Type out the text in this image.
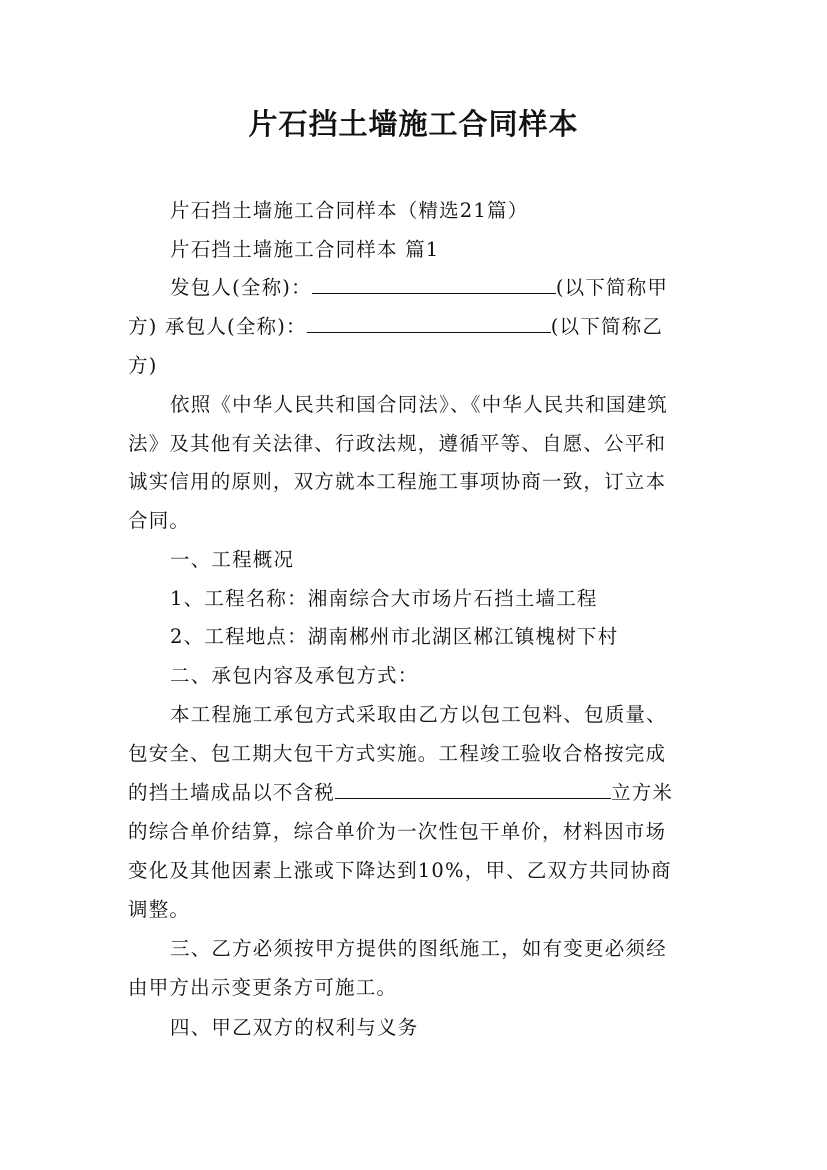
片石挡土墙施工合同样本
片石挡土墙施工合同样本（精选21篇）
片石挡土墙施工合同样本 篇1
发包人(全称)：	(以下简称甲
方) 承包人(全称)：	(以下简称乙
方)
依照《中华人民共和国合同法》、《中华人民共和国建筑
法》及其他有关法律、行政法规，遵循平等、自愿、公平和
诚实信用的原则，双方就本工程施工事项协商一致，订立本
合同。
一、工程概况
1、工程名称：湘南综合大市场片石挡土墙工程
2、工程地点：湖南郴州市北湖区郴江镇槐树下村
二、承包内容及承包方式：
本工程施工承包方式采取由乙方以包工包料、包质量、
包安全、包工期大包干方式实施。工程竣工验收合格按完成
的挡土墙成品以不含税	立方米
的综合单价结算，综合单价为一次性包干单价，材料因市场
变化及其他因素上涨或下降达到10%，甲、乙双方共同协商
调整。
三、乙方必须按甲方提供的图纸施工，如有变更必须经
由甲方出示变更条方可施工。
四、甲乙双方的权利与义务
